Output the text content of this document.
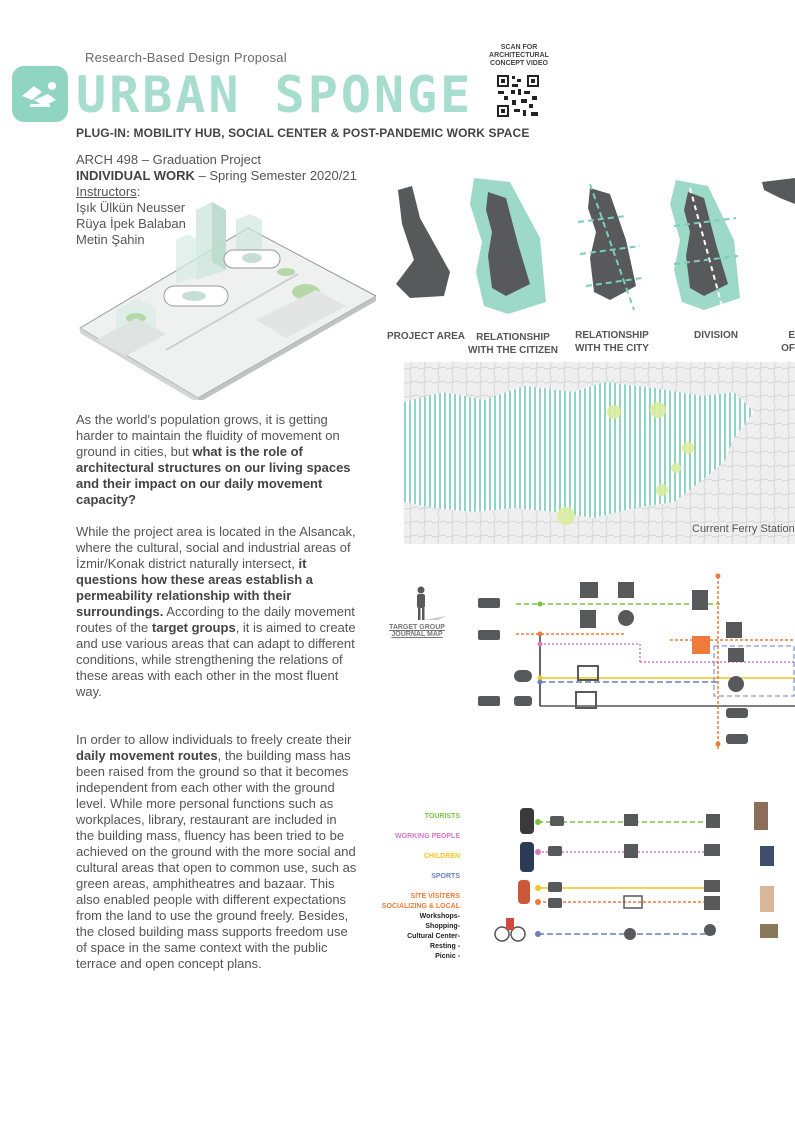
Research-Based Design Proposal
URBAN SPONGE
SCAN FOR ARCHITECTURAL CONCEPT VIDEO
PLUG-IN: MOBILITY HUB, SOCIAL CENTER & POST-PANDEMIC WORK SPACE
ARCH 498 – Graduation Project
INDIVIDUAL WORK – Spring Semester 2020/21
Instructors:
Işık Ülkün Neusser
Rüya İpek Balaban
Metin Şahin
PROJECT AREA	RELATIONSHIP
WITH THE CITIZEN
RELATIONSHIP
WITH THE CITY
DIVISION	E
OF
Current Ferry Station
TARGET GROUP
JOURNAL MAP
TOURISTS
WORKING PEOPLE
CHILDREN
SPORTS
SİTE VİSİTERS
SOCIALIZING & LOCAL
Workshops-
Shopping-
Cultural Center-
Resting -
Picnic -
As the world's population grows, it is getting harder to maintain the fluidity of movement on ground in cities, but what is the role of architectural structures on our living spaces and their impact on our daily movement capacity?
While the project area is located in the Alsancak, where the cultural, social and industrial areas of İzmir/Konak district naturally intersect, it questions how these areas establish a permeability relationship with their surroundings. According to the daily movement routes of the target groups, it is aimed to create and use various areas that can adapt to different conditions, while strengthening the relations of these areas with each other in the most fluent way.
In order to allow individuals to freely create their daily movement routes, the building mass has been raised from the ground so that it becomes independent from each other with the ground level. While more personal functions such as workplaces, library, restaurant are included in the building mass, fluency has been tried to be achieved on the ground with the more social and cultural areas that open to common use, such as green areas, amphitheatres and bazaar. This also enabled people with different expectations from the land to use the ground freely. Besides, the closed building mass supports freedom use of space in the same context with the public terrace and open concept plans.
